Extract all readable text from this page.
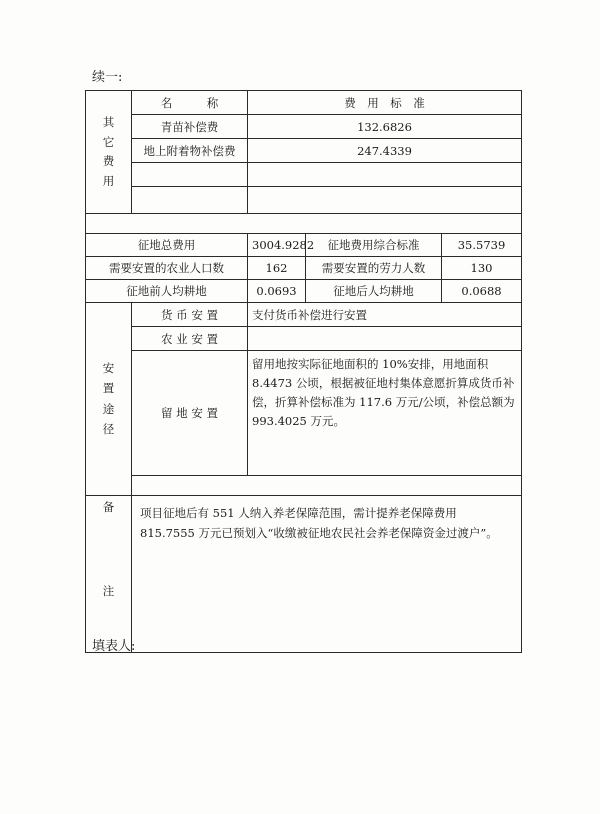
续一:
其
它
费
用	名　　　称	费　用　标　准		
	青苗补偿费	132.6826		
	地上附着物补偿费	247.4339		

征地总费用		3004.9282	征地费用综合标准	35.5739
需要安置的农业人口数		162	需要安置的劳力人数	130
征地前人均耕地		0.0693	征地后人均耕地	0.0688

安
置
途
径	货 币 安 置	支付货币补偿进行安置		
	农 业 安 置			
	留 地 安 置	留用地按实际征地面积的 10%安排，用地面积 8.4473 公顷，根据被征地村集体意愿折算成货币补偿，折算补偿标准为 117.6 万元/公顷，补偿总额为 993.4025 万元。		

备
注	项目征地后有 551 人纳入养老保障范围，需计提养老保障费用 815.7555 万元已预划入“收缴被征地农民社会养老保障资金过渡户”。			
填表人:
